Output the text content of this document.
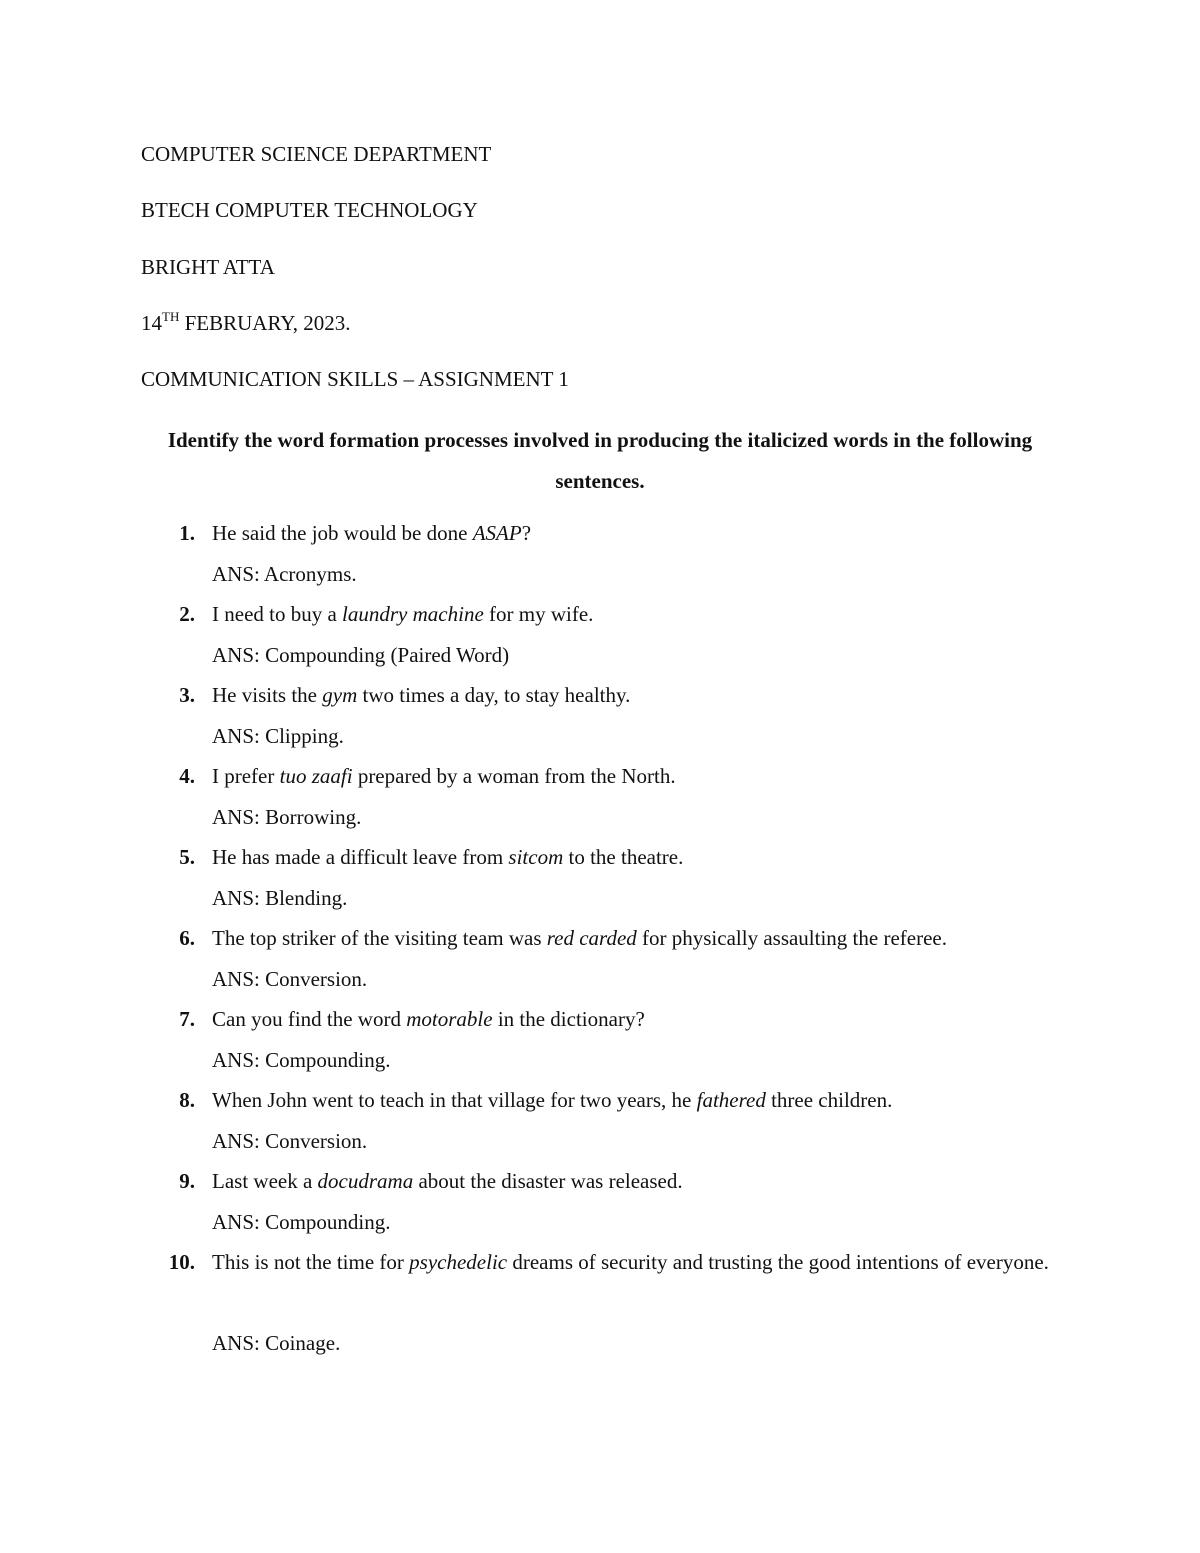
COMPUTER SCIENCE DEPARTMENT
BTECH COMPUTER TECHNOLOGY
BRIGHT ATTA
14TH FEBRUARY, 2023.
COMMUNICATION SKILLS – ASSIGNMENT 1
Identify the word formation processes involved in producing the italicized words in the following sentences.
1. He said the job would be done ASAP?
ANS: Acronyms.
2. I need to buy a laundry machine for my wife.
ANS: Compounding (Paired Word)
3. He visits the gym two times a day, to stay healthy.
ANS: Clipping.
4. I prefer tuo zaafi prepared by a woman from the North.
ANS: Borrowing.
5. He has made a difficult leave from sitcom to the theatre.
ANS: Blending.
6. The top striker of the visiting team was red carded for physically assaulting the referee.
ANS: Conversion.
7. Can you find the word motorable in the dictionary?
ANS: Compounding.
8. When John went to teach in that village for two years, he fathered three children.
ANS: Conversion.
9. Last week a docudrama about the disaster was released.
ANS: Compounding.
10. This is not the time for psychedelic dreams of security and trusting the good intentions of everyone.
ANS: Coinage.
